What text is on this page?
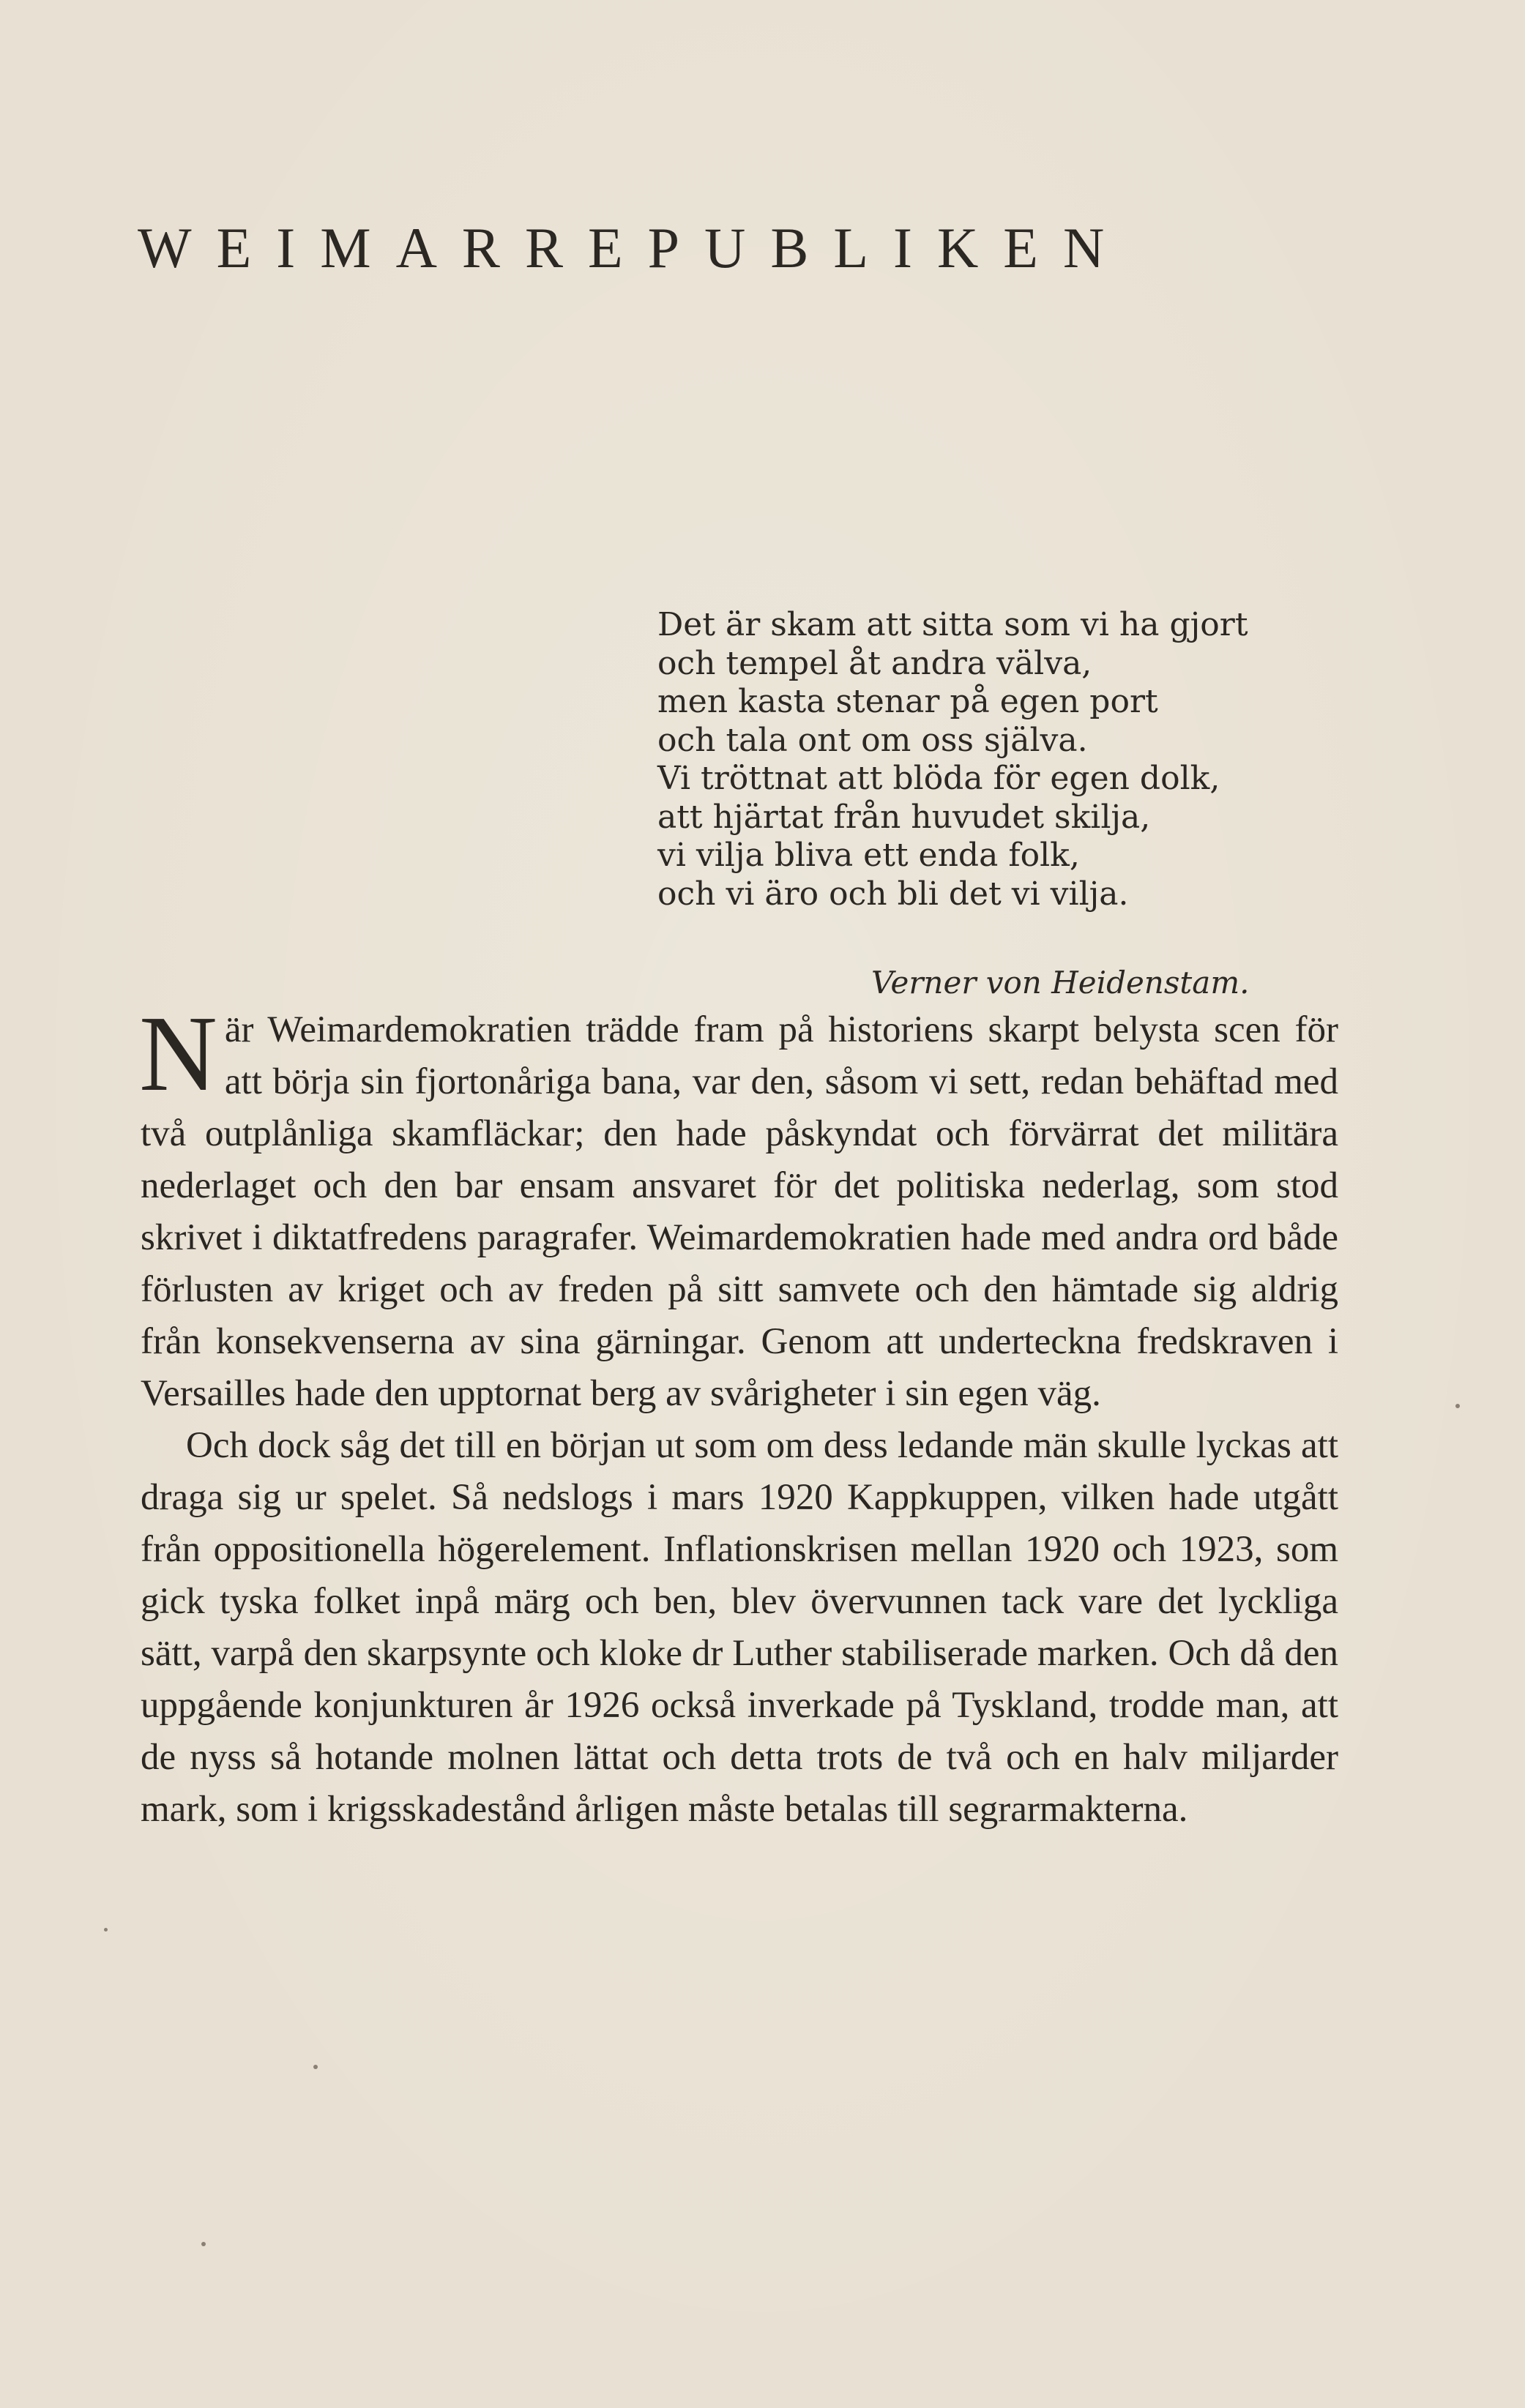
WEIMARREPUBLIKEN
Det är skam att sitta som vi ha gjort
och tempel åt andra välva,
men kasta stenar på egen port
och tala ont om oss själva.
Vi tröttnat att blöda för egen dolk,
att hjärtat från huvudet skilja,
vi vilja bliva ett enda folk,
och vi äro och bli det vi vilja.
Verner von Heidenstam.

När Weimardemokratien trädde fram på historiens skarpt belysta scen för att börja sin fjortonåriga bana, var den, såsom vi sett, redan behäftad med två outplånliga skamfläckar; den hade påskyndat och förvärrat det militära nederlaget och den bar ensam ansvaret för det politiska nederlag, som stod skrivet i diktatfredens paragrafer. Weimardemokratien hade med andra ord både förlusten av kriget och av freden på sitt samvete och den hämtade sig aldrig från konsekvenserna av sina gärningar. Genom att underteckna fredskraven i Versailles hade den upptornat berg av svårigheter i sin egen väg.

Och dock såg det till en början ut som om dess ledande män skulle lyckas att draga sig ur spelet. Så nedslogs i mars 1920 Kappkuppen, vilken hade utgått från oppositionella högerelement. Inflationskrisen mellan 1920 och 1923, som gick tyska folket inpå märg och ben, blev övervunnen tack vare det lyckliga sätt, varpå den skarpsynte och kloke dr Luther stabiliserade marken. Och då den uppgående konjunkturen år 1926 också inverkade på Tyskland, trodde man, att de nyss så hotande molnen lättat och detta trots de två och en halv miljarder mark, som i krigsskadestånd årligen måste betalas till segrarmakterna.
